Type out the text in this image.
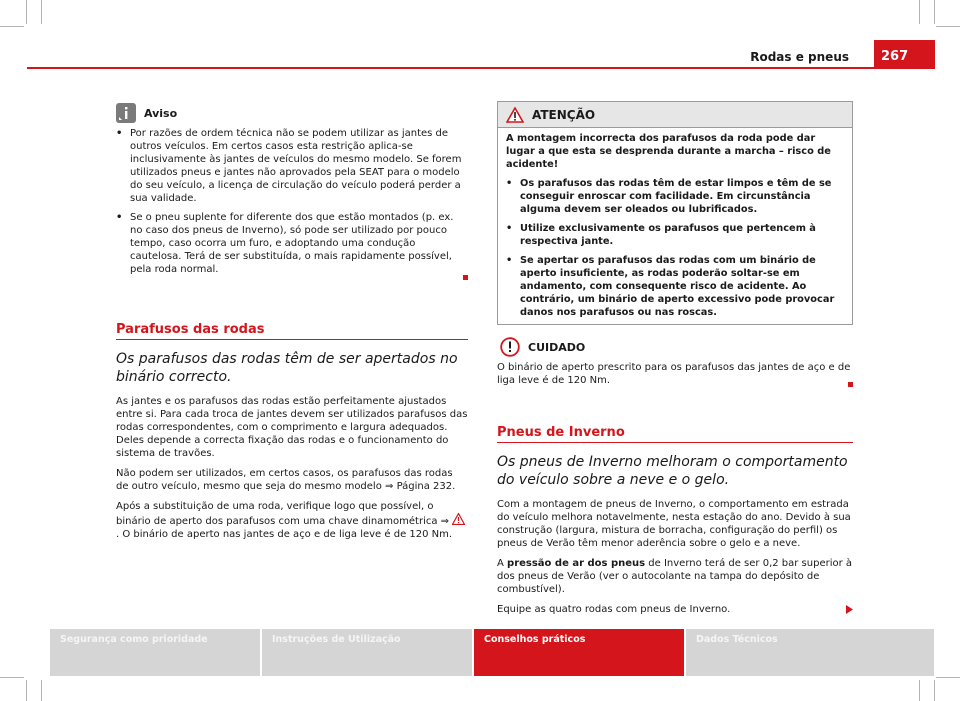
Rodas e pneus	267
Aviso
• Por razões de ordem técnica não se podem utilizar as jantes de outros veículos. Em certos casos esta restrição aplica-se inclusivamente às jantes de veículos do mesmo modelo. Se forem utilizados pneus e jantes não aprovados pela SEAT para o modelo do seu veículo, a licença de circulação do veículo poderá perder a sua validade.
• Se o pneu suplente for diferente dos que estão montados (p. ex. no caso dos pneus de Inverno), só pode ser utilizado por pouco tempo, caso ocorra um furo, e adoptando uma condução cautelosa. Terá de ser substituída, o mais rapidamente possível, pela roda normal.
Parafusos das rodas
Os parafusos das rodas têm de ser apertados no binário correcto.

As jantes e os parafusos das rodas estão perfeitamente ajustados entre si. Para cada troca de jantes devem ser utilizados parafusos das rodas correspondentes, com o comprimento e largura adequados. Deles depende a correcta fixação das rodas e o funcionamento do sistema de travões.

Não podem ser utilizados, em certos casos, os parafusos das rodas de outro veículo, mesmo que seja do mesmo modelo ⇒ Página 232.

Após a substituição de uma roda, verifique logo que possível, o binário de aperto dos parafusos com uma chave dinamométrica ⇒ . O binário de aperto nas jantes de aço e de liga leve é de 120 Nm.

ATENÇÃO

A montagem incorrecta dos parafusos da roda pode dar lugar a que esta se desprenda durante a marcha – risco de acidente!

• Os parafusos das rodas têm de estar limpos e têm de se conseguir enroscar com facilidade. Em circunstância alguma devem ser oleados ou lubrificados.
• Utilize exclusivamente os parafusos que pertencem à respectiva jante.
• Se apertar os parafusos das rodas com um binário de aperto insuficiente, as rodas poderão soltar-se em andamento, com consequente risco de acidente. Ao contrário, um binário de aperto excessivo pode provocar danos nos parafusos ou nas roscas.
CUIDADO

O binário de aperto prescrito para os parafusos das jantes de aço e de liga leve é de 120 Nm.

Pneus de Inverno
Os pneus de Inverno melhoram o comportamento do veículo sobre a neve e o gelo.

Com a montagem de pneus de Inverno, o comportamento em estrada do veículo melhora notavelmente, nesta estação do ano. Devido à sua construção (largura, mistura de borracha, configuração do perfil) os pneus de Verão têm menor aderência sobre o gelo e a neve.

A pressão de ar dos pneus de Inverno terá de ser 0,2 bar superior à dos pneus de Verão (ver o autocolante na tampa do depósito de combustível).

Equipe as quatro rodas com pneus de Inverno.

Segurança como prioridade	Instruções de Utilização	Conselhos práticos	Dados Técnicos
